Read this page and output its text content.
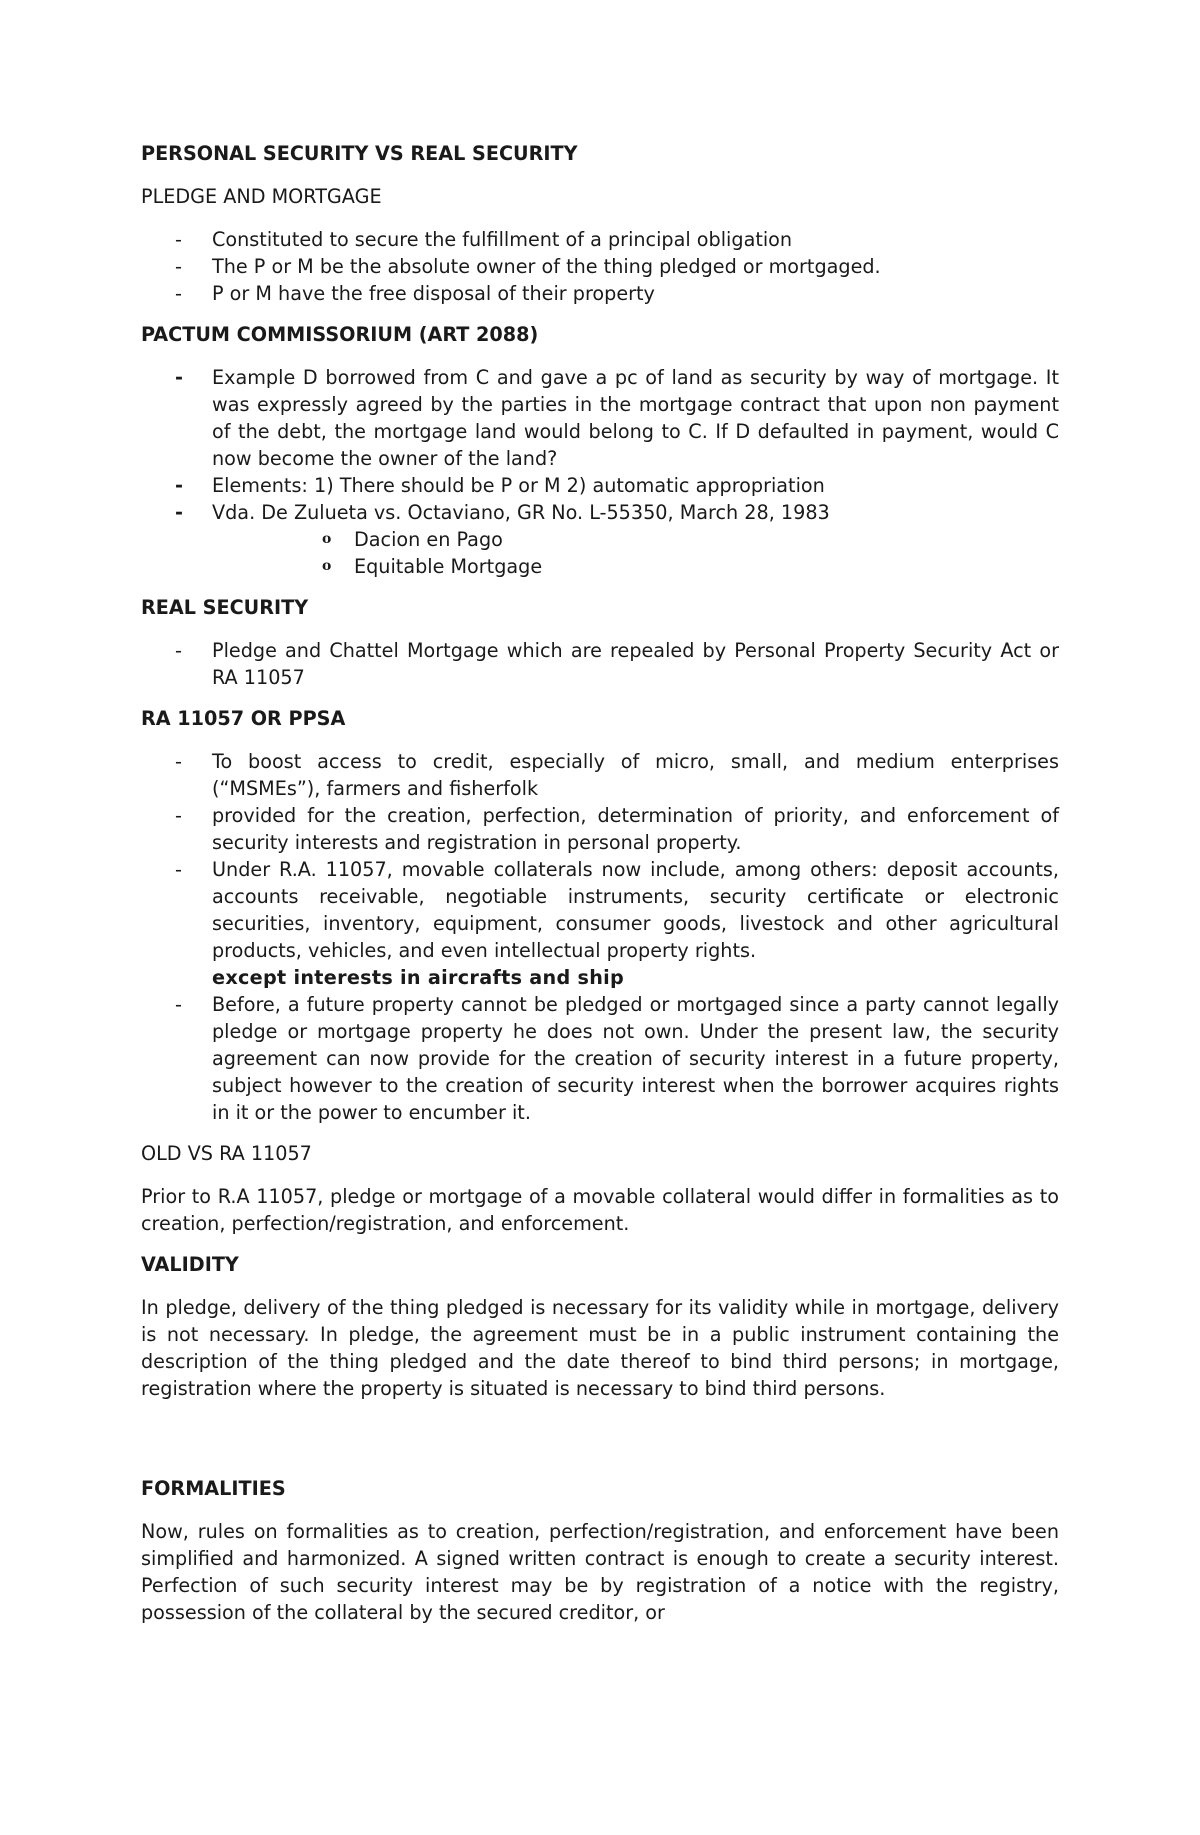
PERSONAL SECURITY VS REAL SECURITY

PLEDGE AND MORTGAGE

- Constituted to secure the fulfillment of a principal obligation
- The P or M be the absolute owner of the thing pledged or mortgaged.
- P or M have the free disposal of their property

PACTUM COMMISSORIUM (ART 2088)

- Example D borrowed from C and gave a pc of land as security by way of mortgage. It was expressly agreed by the parties in the mortgage contract that upon non payment of the debt, the mortgage land would belong to C. If D defaulted in payment, would C now become the owner of the land?
- Elements: 1) There should be P or M 2) automatic appropriation
- Vda. De Zulueta vs. Octaviano, GR No. L-55350, March 28, 1983
o Dacion en Pago
o Equitable Mortgage

REAL SECURITY

- Pledge and Chattel Mortgage which are repealed by Personal Property Security Act or RA 11057

RA 11057 OR PPSA

- To boost access to credit, especially of micro, small, and medium enterprises (“MSMEs”), farmers and fisherfolk
- provided for the creation, perfection, determination of priority, and enforcement of security interests and registration in personal property.
- Under R.A. 11057, movable collaterals now include, among others: deposit accounts, accounts receivable, negotiable instruments, security certificate or electronic securities, inventory, equipment, consumer goods, livestock and other agricultural products, vehicles, and even intellectual property rights.
except interests in aircrafts and ship
- Before, a future property cannot be pledged or mortgaged since a party cannot legally pledge or mortgage property he does not own. Under the present law, the security agreement can now provide for the creation of security interest in a future property, subject however to the creation of security interest when the borrower acquires rights in it or the power to encumber it.

OLD VS RA 11057

Prior to R.A 11057, pledge or mortgage of a movable collateral would differ in formalities as to creation, perfection/registration, and enforcement.

VALIDITY

In pledge, delivery of the thing pledged is necessary for its validity while in mortgage, delivery is not necessary. In pledge, the agreement must be in a public instrument containing the description of the thing pledged and the date thereof to bind third persons; in mortgage, registration where the property is situated is necessary to bind third persons.

FORMALITIES

Now, rules on formalities as to creation, perfection/registration, and enforcement have been simplified and harmonized. A signed written contract is enough to create a security interest. Perfection of such security interest may be by registration of a notice with the registry, possession of the collateral by the secured creditor, or
